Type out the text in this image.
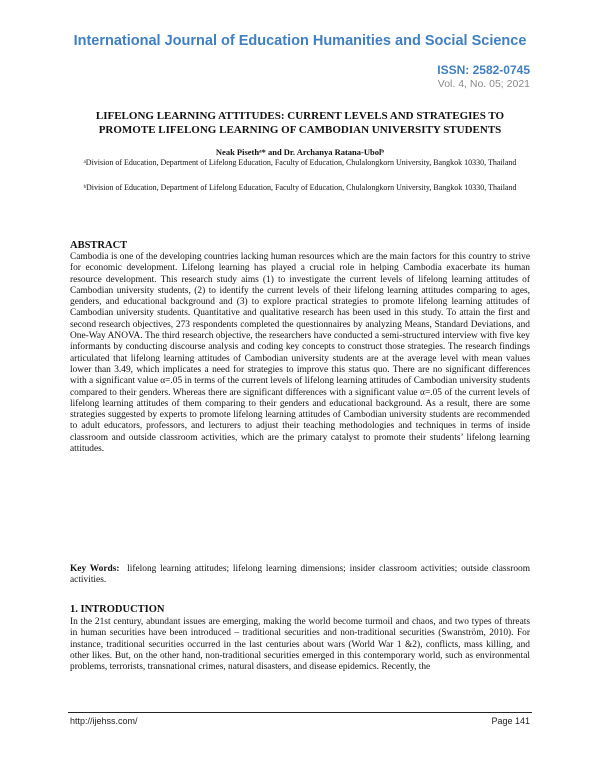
International Journal of Education Humanities and Social Science
ISSN: 2582-0745
Vol. 4, No. 05; 2021
LIFELONG LEARNING ATTITUDES: CURRENT LEVELS AND STRATEGIES TO PROMOTE LIFELONG LEARNING OF CAMBODIAN UNIVERSITY STUDENTS
Neak Pisethᵃ* and Dr. Archanya Ratana-Ubolᵇ
ᵃDivision of Education, Department of Lifelong Education, Faculty of Education, Chulalongkorn University, Bangkok 10330, Thailand
ᵇDivision of Education, Department of Lifelong Education, Faculty of Education, Chulalongkorn University, Bangkok 10330, Thailand
ABSTRACT
Cambodia is one of the developing countries lacking human resources which are the main factors for this country to strive for economic development. Lifelong learning has played a crucial role in helping Cambodia exacerbate its human resource development. This research study aims (1) to investigate the current levels of lifelong learning attitudes of Cambodian university students, (2) to identify the current levels of their lifelong learning attitudes comparing to ages, genders, and educational background and (3) to explore practical strategies to promote lifelong learning attitudes of Cambodian university students. Quantitative and qualitative research has been used in this study. To attain the first and second research objectives, 273 respondents completed the questionnaires by analyzing Means, Standard Deviations, and One-Way ANOVA. The third research objective, the researchers have conducted a semi-structured interview with five key informants by conducting discourse analysis and coding key concepts to construct those strategies. The research findings articulated that lifelong learning attitudes of Cambodian university students are at the average level with mean values lower than 3.49, which implicates a need for strategies to improve this status quo. There are no significant differences with a significant value α=.05 in terms of the current levels of lifelong learning attitudes of Cambodian university students compared to their genders. Whereas there are significant differences with a significant value α=.05 of the current levels of lifelong learning attitudes of them comparing to their genders and educational background. As a result, there are some strategies suggested by experts to promote lifelong learning attitudes of Cambodian university students are recommended to adult educators, professors, and lecturers to adjust their teaching methodologies and techniques in terms of inside classroom and outside classroom activities, which are the primary catalyst to promote their students’ lifelong learning attitudes.
Key Words: lifelong learning attitudes; lifelong learning dimensions; insider classroom activities; outside classroom activities.
1. INTRODUCTION
In the 21st century, abundant issues are emerging, making the world become turmoil and chaos, and two types of threats in human securities have been introduced – traditional securities and non-traditional securities (Swanström, 2010). For instance, traditional securities occurred in the last centuries about wars (World War 1 &2), conflicts, mass killing, and other likes. But, on the other hand, non-traditional securities emerged in this contemporary world, such as environmental problems, terrorists, transnational crimes, natural disasters, and disease epidemics. Recently, the
http://ijehss.com/	Page 141
